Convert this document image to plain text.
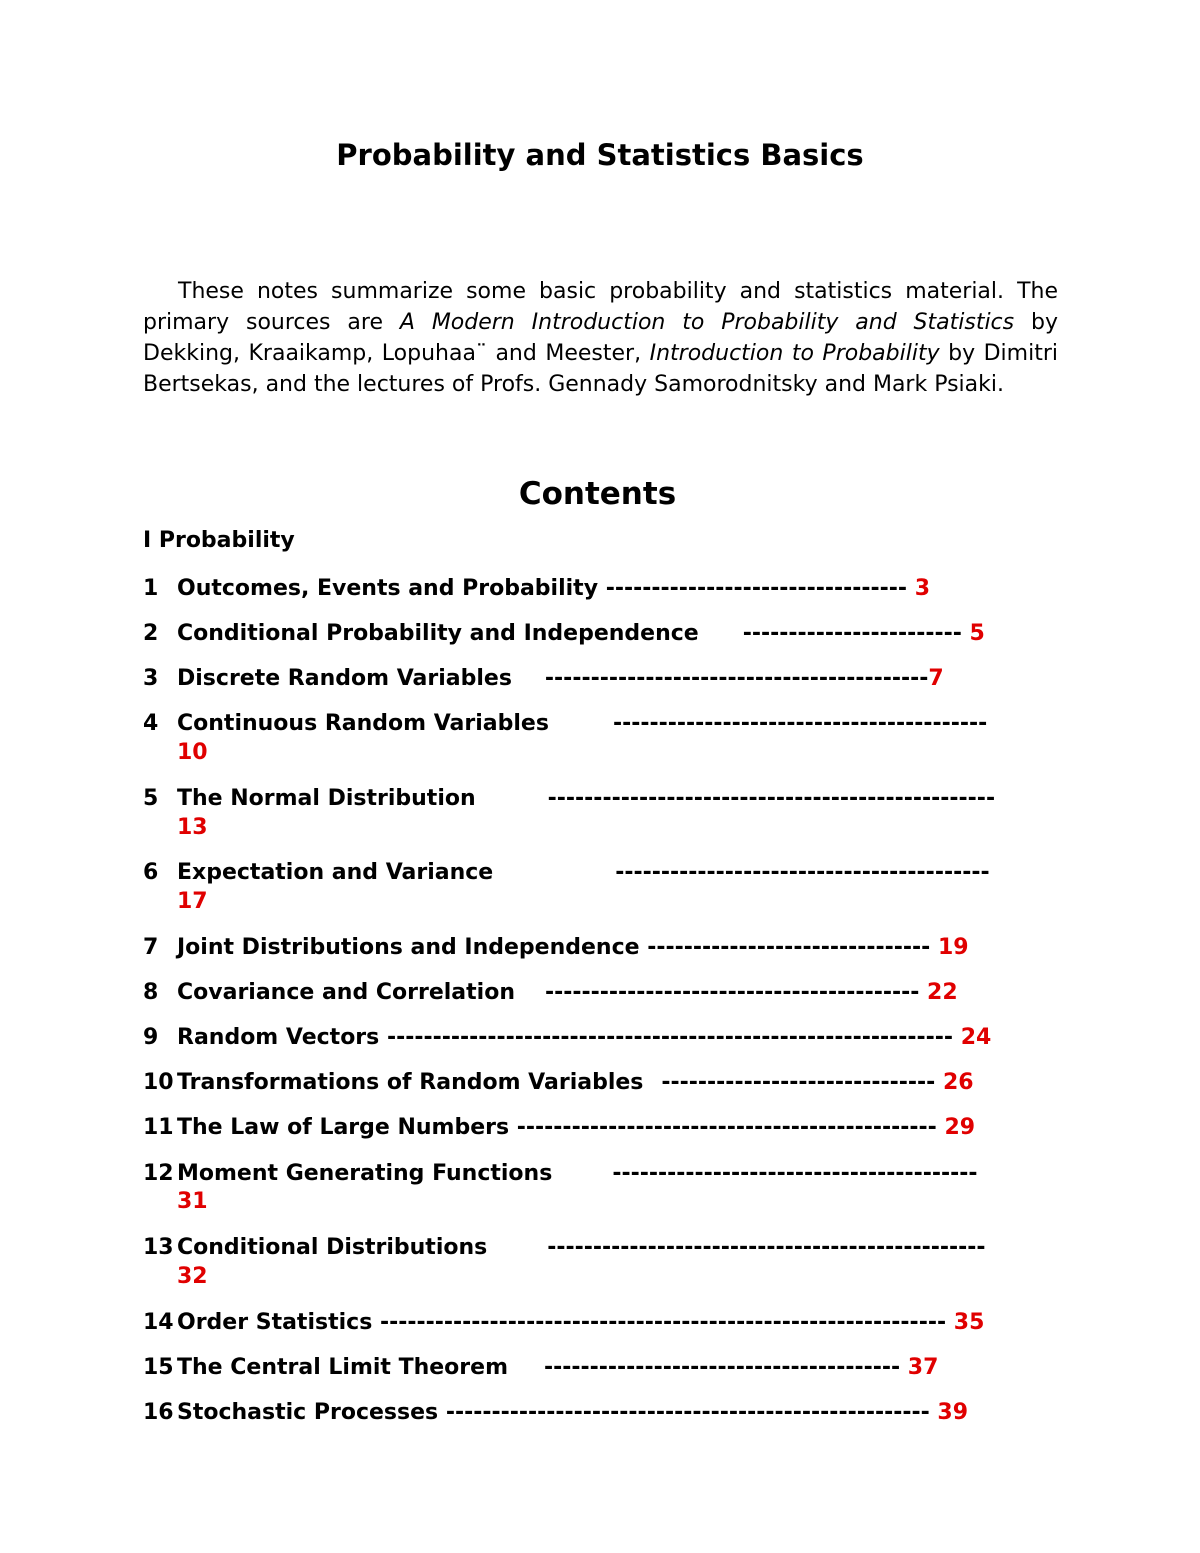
Probability and Statistics Basics
These notes summarize some basic probability and statistics material. The primary sources are A Modern Introduction to Probability and Statistics by Dekking, Kraaikamp, Lopuhaa¨ and Meester, Introduction to Probability by Dimitri Bertsekas, and the lectures of Profs. Gennady Samorodnitsky and Mark Psiaki.
Contents
I Probability
1 Outcomes, Events and Probability --------------------------------- 3
2 Conditional Probability and Independence ------------------------ 5
3 Discrete Random Variables ------------------------------------------7
4 Continuous Random Variables	-----------------------------------------
10
5 The Normal Distribution	-------------------------------------------------
13
6 Expectation and Variance	-----------------------------------------
17
7 Joint Distributions and Independence ------------------------------- 19
8 Covariance and Correlation ----------------------------------------- 22
9 Random Vectors -------------------------------------------------------------- 24
10 Transformations of Random Variables ------------------------------ 26
11 The Law of Large Numbers ---------------------------------------------- 29
12 Moment Generating Functions	----------------------------------------
31
13 Conditional Distributions	------------------------------------------------
32
14 Order Statistics -------------------------------------------------------------- 35
15 The Central Limit Theorem --------------------------------------- 37
16 Stochastic Processes ----------------------------------------------------- 39
